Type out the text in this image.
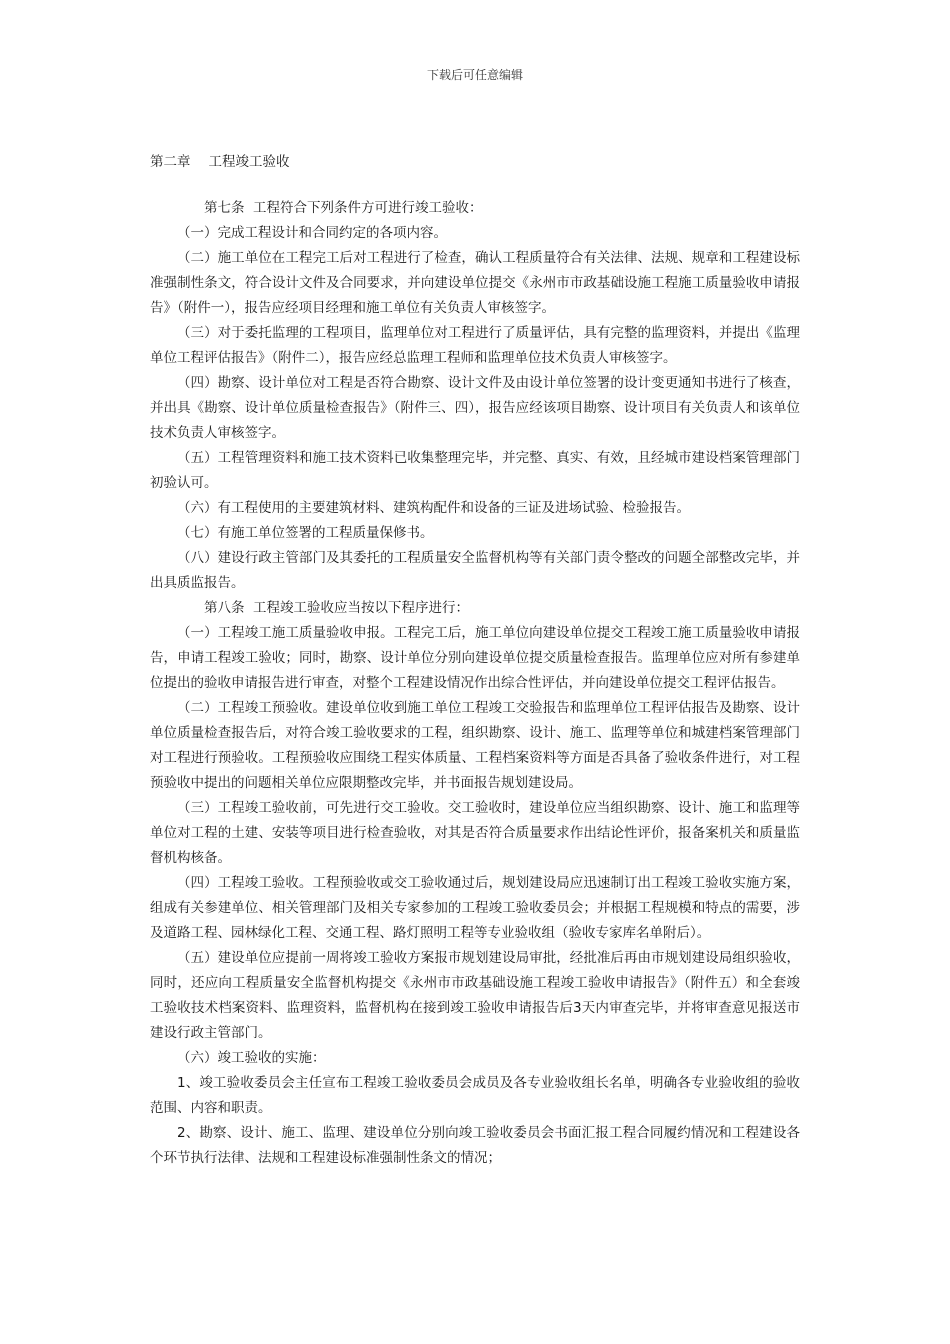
下载后可任意编辑
第二章 工程竣工验收

第七条 工程符合下列条件方可进行竣工验收：

（一）完成工程设计和合同约定的各项内容。

（二）施工单位在工程完工后对工程进行了检查，确认工程质量符合有关法律、法规、规章和工程建设标准强制性条文，符合设计文件及合同要求，并向建设单位提交《永州市市政基础设施工程施工质量验收申请报告》（附件一），报告应经项目经理和施工单位有关负责人审核签字。

（三）对于委托监理的工程项目，监理单位对工程进行了质量评估，具有完整的监理资料，并提出《监理单位工程评估报告》（附件二），报告应经总监理工程师和监理单位技术负责人审核签字。

（四）勘察、设计单位对工程是否符合勘察、设计文件及由设计单位签署的设计变更通知书进行了核查，并出具《勘察、设计单位质量检查报告》（附件三、四），报告应经该项目勘察、设计项目有关负责人和该单位技术负责人审核签字。

（五）工程管理资料和施工技术资料已收集整理完毕，并完整、真实、有效，且经城市建设档案管理部门初验认可。

（六）有工程使用的主要建筑材料、建筑构配件和设备的三证及进场试验、检验报告。

（七）有施工单位签署的工程质量保修书。

（八）建设行政主管部门及其委托的工程质量安全监督机构等有关部门责令整改的问题全部整改完毕，并出具质监报告。

第八条 工程竣工验收应当按以下程序进行：

（一）工程竣工施工质量验收申报。工程完工后，施工单位向建设单位提交工程竣工施工质量验收申请报告，申请工程竣工验收；同时，勘察、设计单位分别向建设单位提交质量检查报告。监理单位应对所有参建单位提出的验收申请报告进行审查，对整个工程建设情况作出综合性评估，并向建设单位提交工程评估报告。

（二）工程竣工预验收。建设单位收到施工单位工程竣工交验报告和监理单位工程评估报告及勘察、设计单位质量检查报告后，对符合竣工验收要求的工程，组织勘察、设计、施工、监理等单位和城建档案管理部门对工程进行预验收。工程预验收应围绕工程实体质量、工程档案资料等方面是否具备了验收条件进行，对工程预验收中提出的问题相关单位应限期整改完毕，并书面报告规划建设局。

（三）工程竣工验收前，可先进行交工验收。交工验收时，建设单位应当组织勘察、设计、施工和监理等单位对工程的土建、安装等项目进行检查验收，对其是否符合质量要求作出结论性评价，报备案机关和质量监督机构核备。

（四）工程竣工验收。工程预验收或交工验收通过后，规划建设局应迅速制订出工程竣工验收实施方案，组成有关参建单位、相关管理部门及相关专家参加的工程竣工验收委员会；并根据工程规模和特点的需要，涉及道路工程、园林绿化工程、交通工程、路灯照明工程等专业验收组（验收专家库名单附后）。

（五）建设单位应提前一周将竣工验收方案报市规划建设局审批，经批准后再由市规划建设局组织验收，同时，还应向工程质量安全监督机构提交《永州市市政基础设施工程竣工验收申请报告》（附件五）和全套竣工验收技术档案资料、监理资料，监督机构在接到竣工验收申请报告后3天内审查完毕，并将审查意见报送市建设行政主管部门。

（六）竣工验收的实施：

1、竣工验收委员会主任宣布工程竣工验收委员会成员及各专业验收组长名单，明确各专业验收组的验收范围、内容和职责。

2、勘察、设计、施工、监理、建设单位分别向竣工验收委员会书面汇报工程合同履约情况和工程建设各个环节执行法律、法规和工程建设标准强制性条文的情况；
